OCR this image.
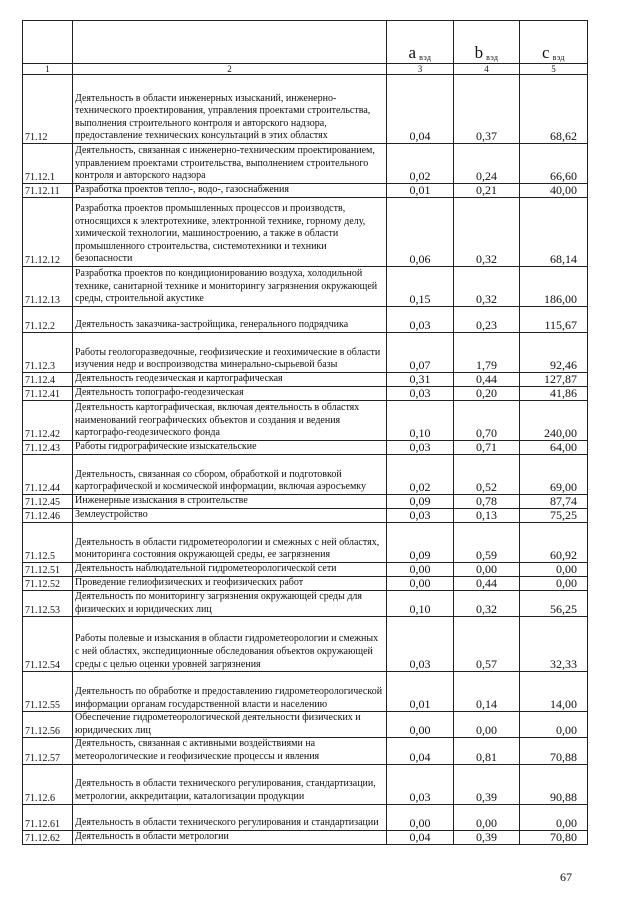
		a $_{вэд}$	b $_{вэд}$	c $_{вэд}$
1	2	3	4	5
71.12	Деятельность в области инженерных изысканий, инженерно-технического проектирования, управления проектами строительства, выполнения строительного контроля и авторского надзора, предоставление технических консультаций в этих областях	0,04	0,37	68,62
71.12.1	Деятельность, связанная с инженерно-техническим проектированием, управлением проектами строительства, выполнением строительного контроля и авторского надзора	0,02	0,24	66,60
71.12.11	Разработка проектов тепло-, водо-, газоснабжения	0,01	0,21	40,00
71.12.12	Разработка проектов промышленных процессов и производств, относящихся к электротехнике, электронной технике, горному делу, химической технологии, машиностроению, а также в области промышленного строительства, системотехники и техники безопасности	0,06	0,32	68,14
71.12.13	Разработка проектов по кондиционированию воздуха, холодильной технике, санитарной технике и мониторингу загрязнения окружающей среды, строительной акустике	0,15	0,32	186,00
71.12.2	Деятельность заказчика-застройщика, генерального подрядчика	0,03	0,23	115,67
71.12.3	Работы геологоразведочные, геофизические и геохимические в области изучения недр и воспроизводства минерально-сырьевой базы	0,07	1,79	92,46
71.12.4	Деятельность геодезическая и картографическая	0,31	0,44	127,87
71.12.41	Деятельность топографо-геодезическая	0,03	0,20	41,86
71.12.42	Деятельность картографическая, включая деятельность в областях наименований географических объектов и создания и ведения картографо-геодезического фонда	0,10	0,70	240,00
71.12.43	Работы гидрографические изыскательские	0,03	0,71	64,00
71.12.44	Деятельность, связанная со сбором, обработкой и подготовкой картографической и космической информации, включая аэросъемку	0,02	0,52	69,00
71.12.45	Инженерные изыскания в строительстве	0,09	0,78	87,74
71.12.46	Землеустройство	0,03	0,13	75,25
71.12.5	Деятельность в области гидрометеорологии и смежных с ней областях, мониторинга состояния окружающей среды, ее загрязнения	0,09	0,59	60,92
71.12.51	Деятельность наблюдательной гидрометеорологической сети	0,00	0,00	0,00
71.12.52	Проведение гелиофизических и геофизических работ	0,00	0,44	0,00
71.12.53	Деятельность по мониторингу загрязнения окружающей среды для физических и юридических лиц	0,10	0,32	56,25
71.12.54	Работы полевые и изыскания в области гидрометеорологии и смежных с ней областях, экспедиционные обследования объектов окружающей среды с целью оценки уровней загрязнения	0,03	0,57	32,33
71.12.55	Деятельность по обработке и предоставлению гидрометеорологической информации органам государственной власти и населению	0,01	0,14	14,00
71.12.56	Обеспечение гидрометеорологической деятельности физических и юридических лиц	0,00	0,00	0,00
71.12.57	Деятельность, связанная с активными воздействиями на метеорологические и геофизические процессы и явления	0,04	0,81	70,88
71.12.6	Деятельность в области технического регулирования, стандартизации, метрологии, аккредитации, каталогизации продукции	0,03	0,39	90,88
71.12.61	Деятельность в области технического регулирования и стандартизации	0,00	0,00	0,00
71.12.62	Деятельность в области метрологии	0,04	0,39	70,80
67
